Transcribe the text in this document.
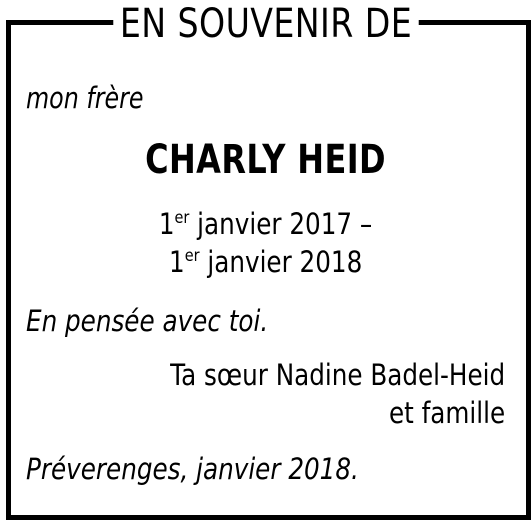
EN SOUVENIR DE
mon frère
CHARLY HEID
1er janvier 2017 –
1er janvier 2018
En pensée avec toi.
Ta sœur Nadine Badel-Heid
et famille
Préverenges, janvier 2018.
